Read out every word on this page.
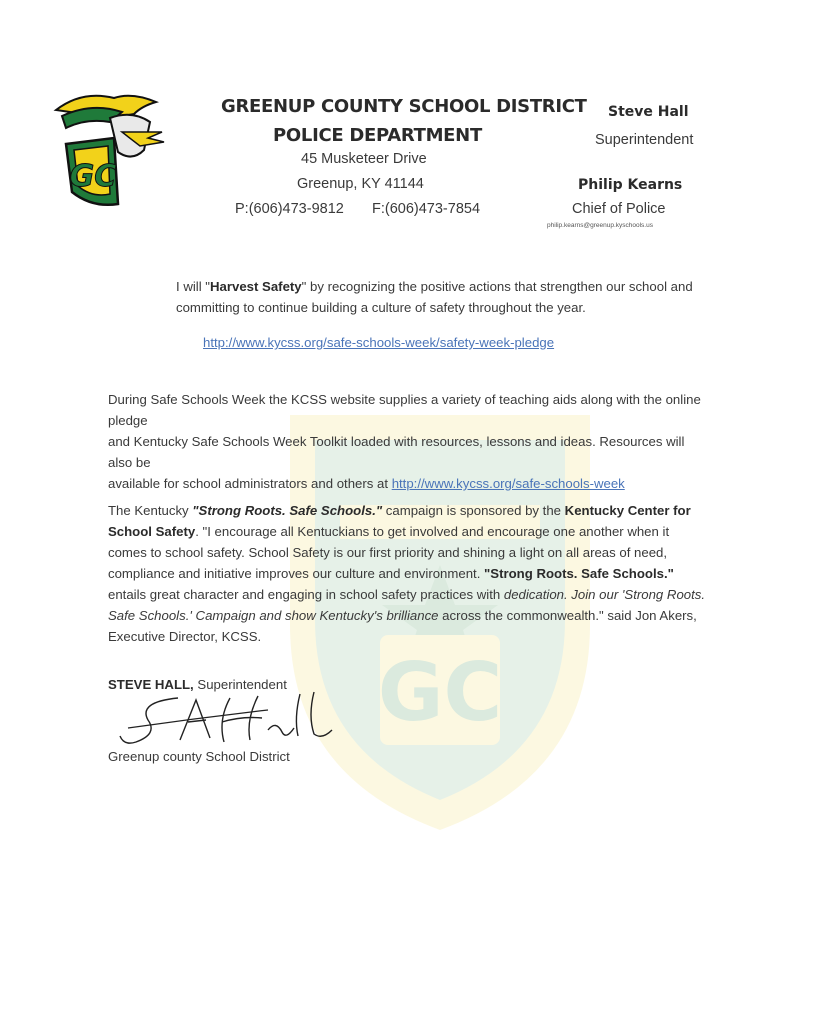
GC
GC
GREENUP COUNTY SCHOOL DISTRICT
POLICE DEPARTMENT
45 Musketeer Drive
Greenup, KY 41144
P:(606)473-9812 F:(606)473-7854
Steve Hall
Superintendent
Philip Kearns
Chief of Police
philip.kearns@greenup.kyschools.us
I will "Harvest Safety" by recognizing the positive actions that strengthen our school and committing to continue building a culture of safety throughout the year.
http://www.kycss.org/safe-schools-week/safety-week-pledge
During Safe Schools Week the KCSS website supplies a variety of teaching aids along with the online pledge
and Kentucky Safe Schools Week Toolkit loaded with resources, lessons and ideas. Resources will also be
available for school administrators and others at http://www.kycss.org/safe-schools-week
The Kentucky "Strong Roots. Safe Schools." campaign is sponsored by the Kentucky Center for School Safety. "I encourage all Kentuckians to get involved and encourage one another when it comes to school safety. School Safety is our first priority and shining a light on all areas of need, compliance and initiative improves our culture and environment. "Strong Roots. Safe Schools." entails great character and engaging in school safety practices with dedication. Join our 'Strong Roots. Safe Schools.' Campaign and show Kentucky's brilliance across the commonwealth." said Jon Akers, Executive Director, KCSS.
STEVE HALL, Superintendent
Greenup county School District
